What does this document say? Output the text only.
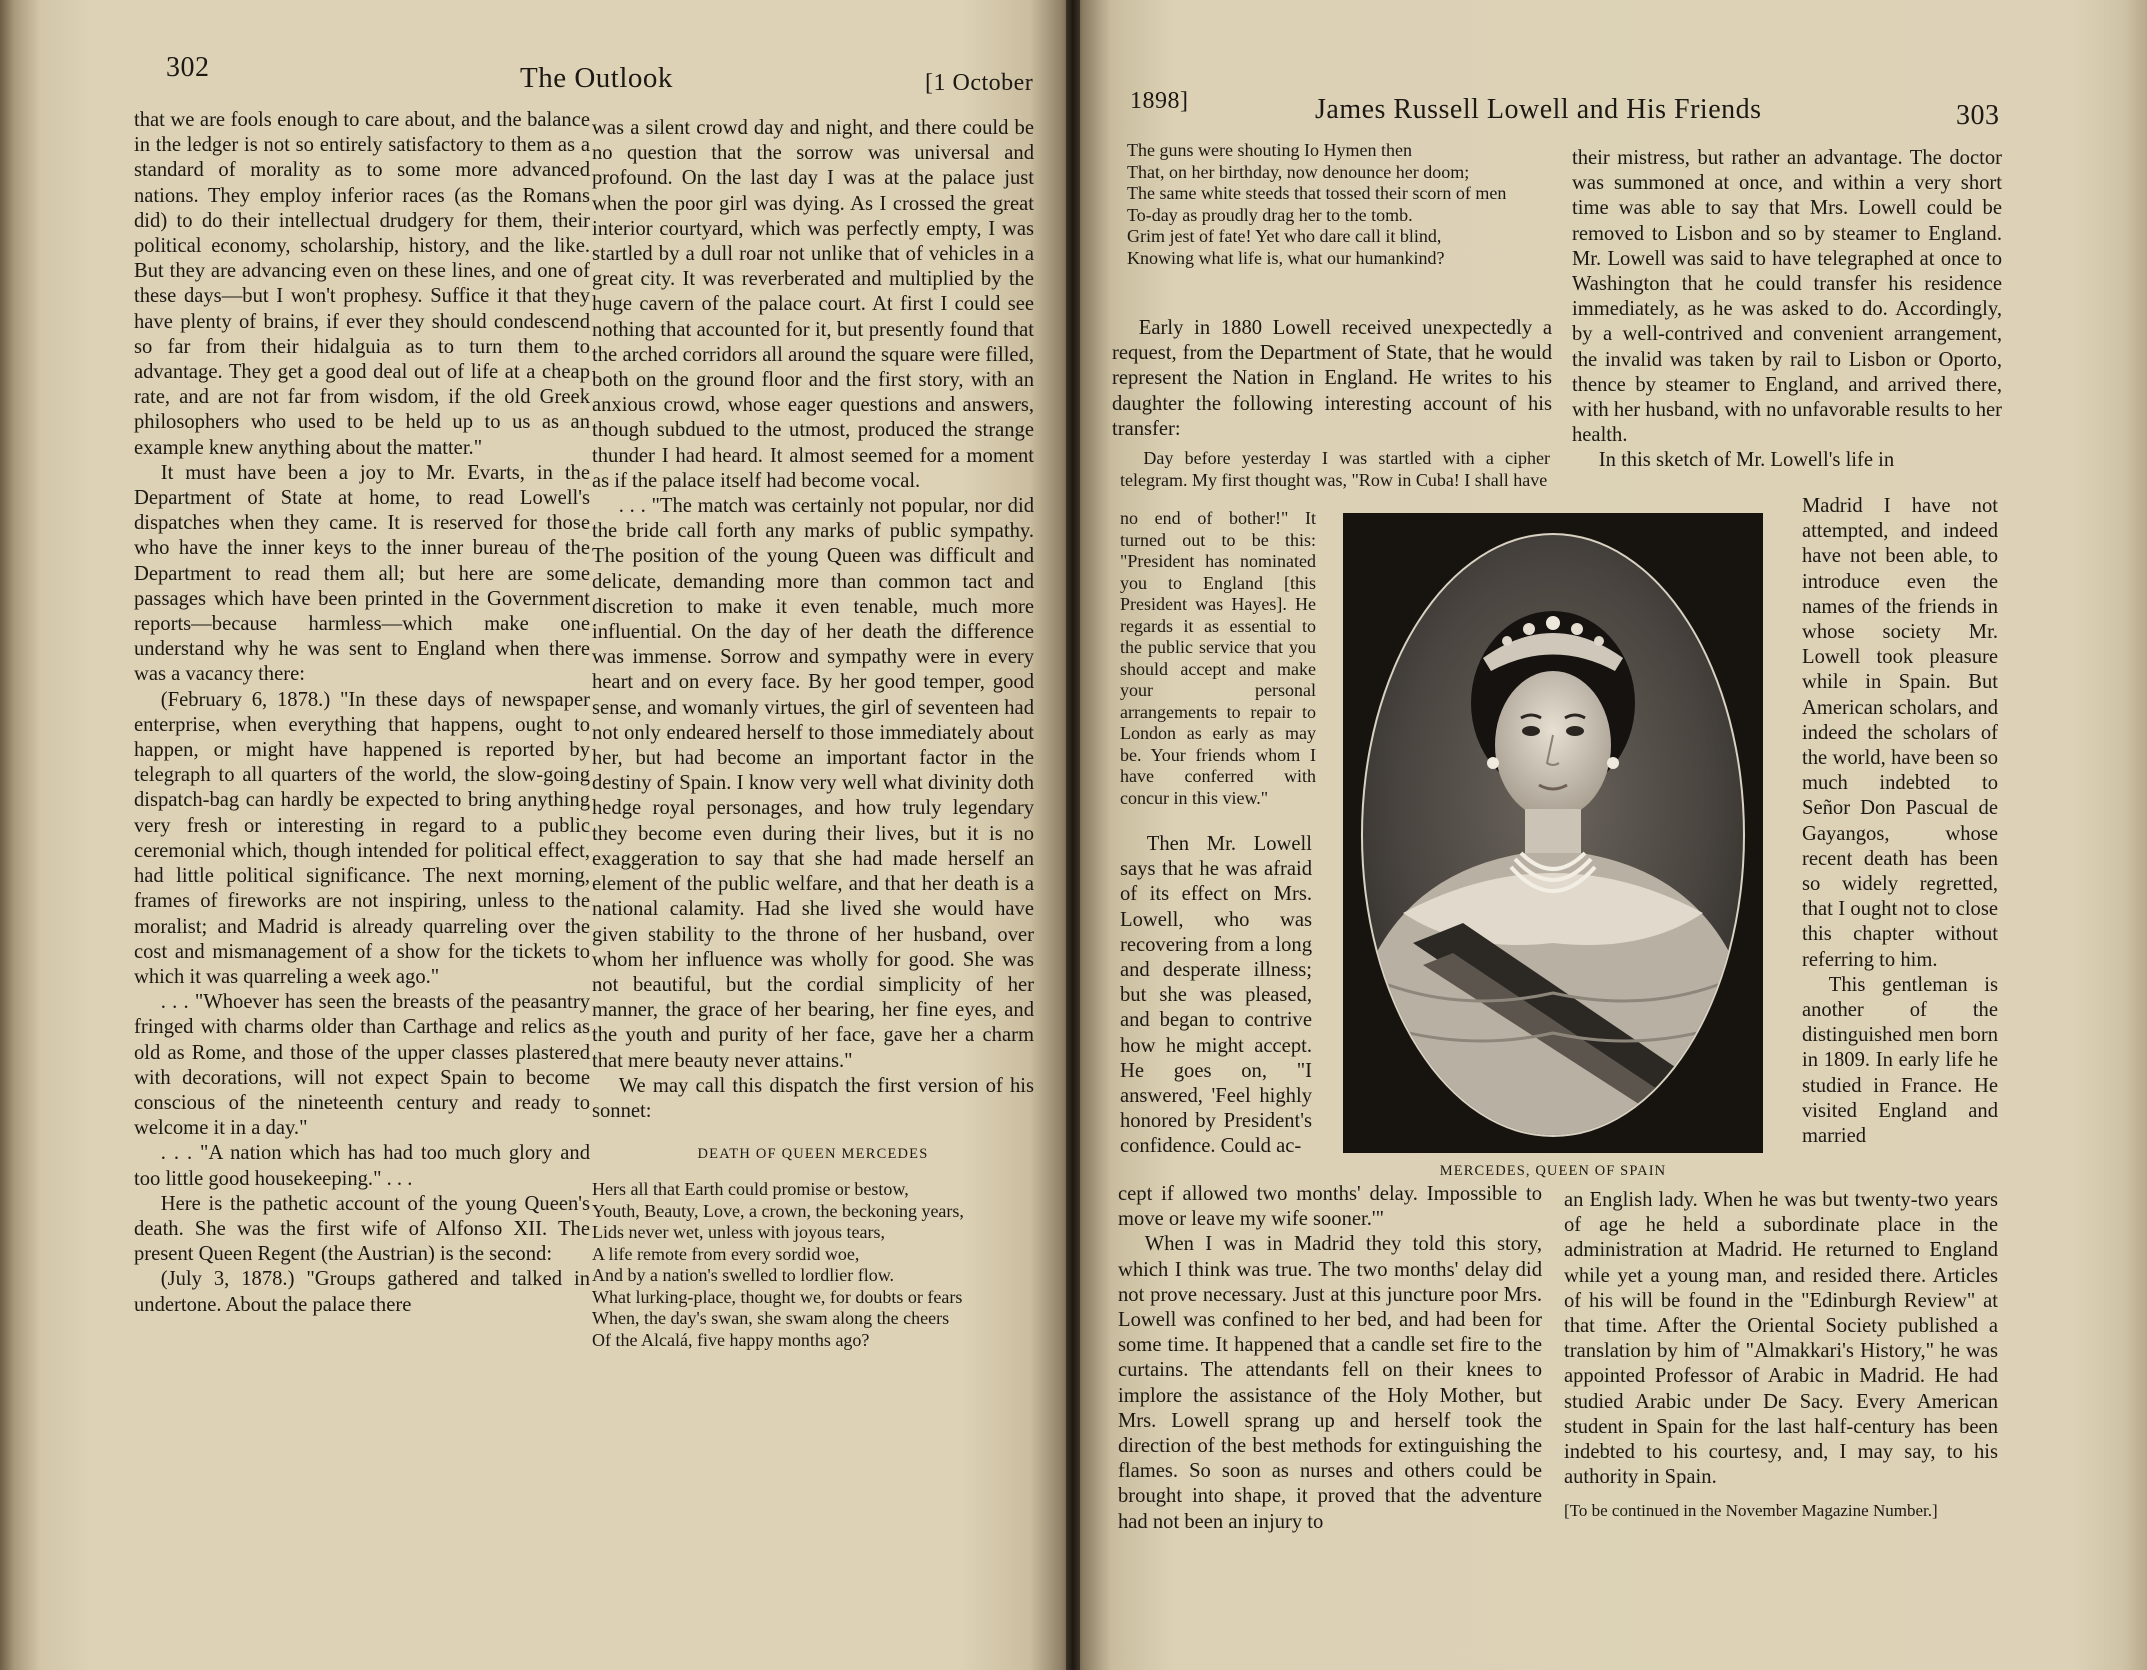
302	The Outlook	[1 October

that we are fools enough to care about, and the balance in the ledger is not so entirely satisfactory to them as a standard of morality as to some more advanced nations. They employ inferior races (as the Romans did) to do their intellectual drudgery for them, their political economy, scholarship, history, and the like. But they are advancing even on these lines, and one of these days—but I won't prophesy. Suffice it that they have plenty of brains, if ever they should condescend so far from their hidalguia as to turn them to advantage. They get a good deal out of life at a cheap rate, and are not far from wisdom, if the old Greek philosophers who used to be held up to us as an example knew anything about the matter."

It must have been a joy to Mr. Evarts, in the Department of State at home, to read Lowell's dispatches when they came. It is reserved for those who have the inner keys to the inner bureau of the Department to read them all; but here are some passages which have been printed in the Government reports—because harmless—which make one understand why he was sent to England when there was a vacancy there:

(February 6, 1878.) "In these days of newspaper enterprise, when everything that happens, ought to happen, or might have happened is reported by telegraph to all quarters of the world, the slow-going dispatch-bag can hardly be expected to bring anything very fresh or interesting in regard to a public ceremonial which, though intended for political effect, had little political significance. The next morning, frames of fireworks are not inspiring, unless to the moralist; and Madrid is already quarreling over the cost and mismanagement of a show for the tickets to which it was quarreling a week ago."

. . . "Whoever has seen the breasts of the peasantry fringed with charms older than Carthage and relics as old as Rome, and those of the upper classes plastered with decorations, will not expect Spain to become conscious of the nineteenth century and ready to welcome it in a day."

. . . "A nation which has had too much glory and too little good housekeeping." . . .

Here is the pathetic account of the young Queen's death. She was the first wife of Alfonso XII. The present Queen Regent (the Austrian) is the second:

(July 3, 1878.) "Groups gathered and talked in undertone. About the palace there

was a silent crowd day and night, and there could be no question that the sorrow was universal and profound. On the last day I was at the palace just when the poor girl was dying. As I crossed the great interior courtyard, which was perfectly empty, I was startled by a dull roar not unlike that of vehicles in a great city. It was reverberated and multiplied by the huge cavern of the palace court. At first I could see nothing that accounted for it, but presently found that the arched corridors all around the square were filled, both on the ground floor and the first story, with an anxious crowd, whose eager questions and answers, though subdued to the utmost, produced the strange thunder I had heard. It almost seemed for a moment as if the palace itself had become vocal.

. . . "The match was certainly not popular, nor did the bride call forth any marks of public sympathy. The position of the young Queen was difficult and delicate, demanding more than common tact and discretion to make it even tenable, much more influential. On the day of her death the difference was immense. Sorrow and sympathy were in every heart and on every face. By her good temper, good sense, and womanly virtues, the girl of seventeen had not only endeared herself to those immediately about her, but had become an important factor in the destiny of Spain. I know very well what divinity doth hedge royal personages, and how truly legendary they become even during their lives, but it is no exaggeration to say that she had made herself an element of the public welfare, and that her death is a national calamity. Had she lived she would have given stability to the throne of her husband, over whom her influence was wholly for good. She was not beautiful, but the cordial simplicity of her manner, the grace of her bearing, her fine eyes, and the youth and purity of her face, gave her a charm that mere beauty never attains."

We may call this dispatch the first version of his sonnet:

DEATH OF QUEEN MERCEDES
Hers all that Earth could promise or bestow,
Youth, Beauty, Love, a crown, the beckoning years,
Lids never wet, unless with joyous tears,
A life remote from every sordid woe,
And by a nation's swelled to lordlier flow.
What lurking-place, thought we, for doubts or fears
When, the day's swan, she swam along the cheers
Of the Alcalá, five happy months ago?
1898]	James Russell Lowell and His Friends	303
The guns were shouting Io Hymen then
That, on her birthday, now denounce her doom;
The same white steeds that tossed their scorn of men
To-day as proudly drag her to the tomb.
Grim jest of fate! Yet who dare call it blind,
Knowing what life is, what our humankind?

Early in 1880 Lowell received unexpectedly a request, from the Department of State, that he would represent the Nation in England. He writes to his daughter the following interesting account of his transfer:

Day before yesterday I was startled with a cipher telegram. My first thought was, "Row in Cuba! I shall have

no end of bother!" It turned out to be this: "President has nominated you to England [this President was Hayes]. He regards it as essential to the public service that you should accept and make your personal arrangements to repair to London as early as may be. Your friends whom I have conferred with concur in this view."

Then Mr. Lowell says that he was afraid of its effect on Mrs. Lowell, who was recovering from a long and desperate illness; but she was pleased, and began to contrive how he might accept. He goes on, "I answered, 'Feel highly honored by President's confidence. Could ac-

cept if allowed two months' delay. Impossible to move or leave my wife sooner.'"

When I was in Madrid they told this story, which I think was true. The two months' delay did not prove necessary. Just at this juncture poor Mrs. Lowell was confined to her bed, and had been for some time. It happened that a candle set fire to the curtains. The attendants fell on their knees to implore the assistance of the Holy Mother, but Mrs. Lowell sprang up and herself took the direction of the best methods for extinguishing the flames. So soon as nurses and others could be brought into shape, it proved that the adventure had not been an injury to

their mistress, but rather an advantage. The doctor was summoned at once, and within a very short time was able to say that Mrs. Lowell could be removed to Lisbon and so by steamer to England. Mr. Lowell was said to have telegraphed at once to Washington that he could transfer his residence immediately, as he was asked to do. Accordingly, by a well-contrived and convenient arrangement, the invalid was taken by rail to Lisbon or Oporto, thence by steamer to England, and arrived there, with her husband, with no unfavorable results to her health.

In this sketch of Mr. Lowell's life in

Madrid I have not attempted, and indeed have not been able, to introduce even the names of the friends in whose society Mr. Lowell took pleasure while in Spain. But American scholars, and indeed the scholars of the world, have been so much indebted to Señor Don Pascual de Gayangos, whose recent death has been so widely regretted, that I ought not to close this chapter without referring to him.

This gentleman is another of the distinguished men born in 1809. In early life he studied in France. He visited England and married

an English lady. When he was but twenty-two years of age he held a subordinate place in the administration at Madrid. He returned to England while yet a young man, and resided there. Articles of his will be found in the "Edinburgh Review" at that time. After the Oriental Society published a translation by him of "Almakkari's History," he was appointed Professor of Arabic in Madrid. He had studied Arabic under De Sacy. Every American student in Spain for the last half-century has been indebted to his courtesy, and, I may say, to his authority in Spain.

[To be continued in the November Magazine Number.]

MERCEDES, QUEEN OF SPAIN
